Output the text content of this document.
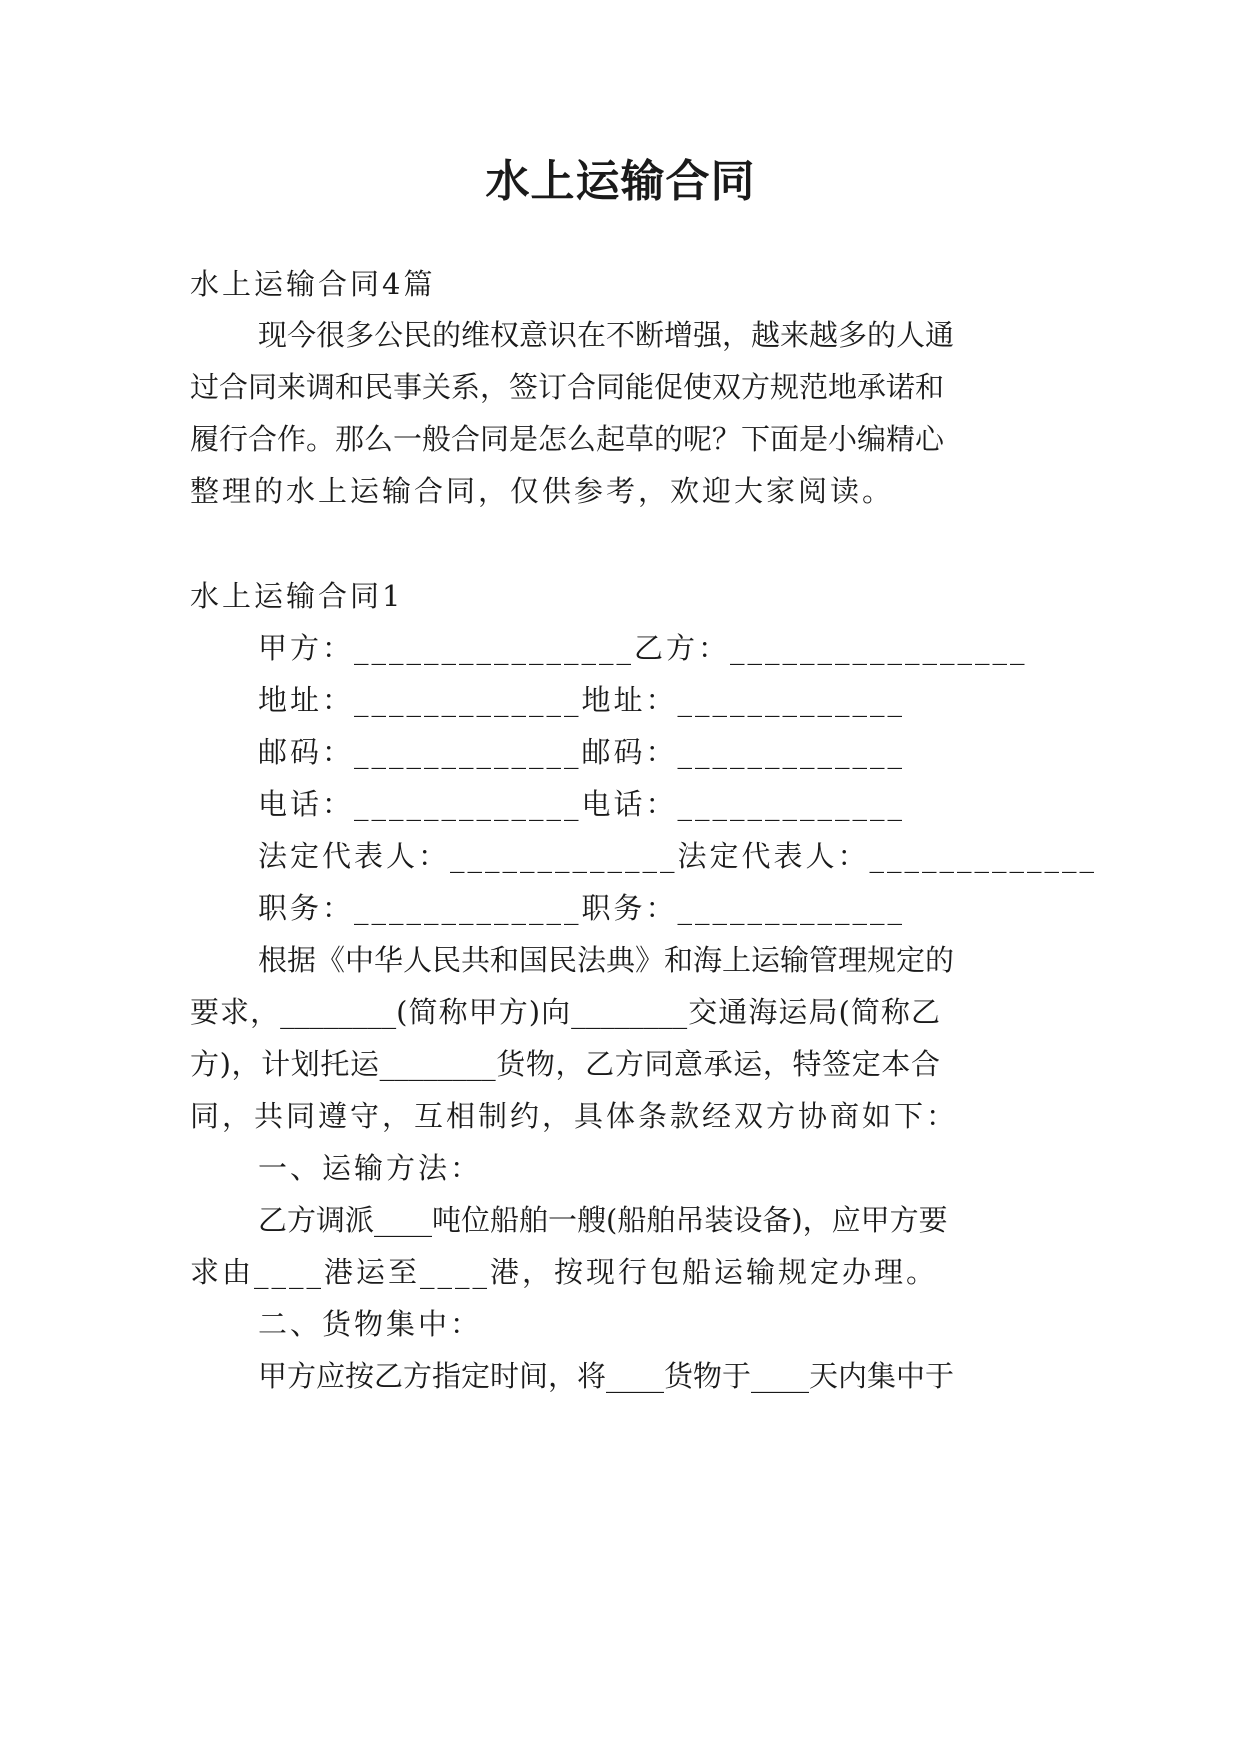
水上运输合同
水上运输合同4篇
现今很多公民的维权意识在不断增强，越来越多的人通
过合同来调和民事关系，签订合同能促使双方规范地承诺和
履行合作。那么一般合同是怎么起草的呢？下面是小编精心
整理的水上运输合同，仅供参考，欢迎大家阅读。
水上运输合同1
甲方：________________乙方：_________________
地址：_____________地址：_____________
邮码：_____________邮码：_____________
电话：_____________电话：_____________
法定代表人：_____________法定代表人：_____________
职务：_____________职务：_____________
根据《中华人民共和国民法典》和海上运输管理规定的
要求，________(简称甲方)向________交通海运局(简称乙
方)，计划托运________货物，乙方同意承运，特签定本合
同，共同遵守，互相制约，具体条款经双方协商如下：
一、运输方法：
乙方调派____吨位船舶一艘(船舶吊装设备)，应甲方要
求由____港运至____港，按现行包船运输规定办理。
二、货物集中：
甲方应按乙方指定时间，将____货物于____天内集中于
